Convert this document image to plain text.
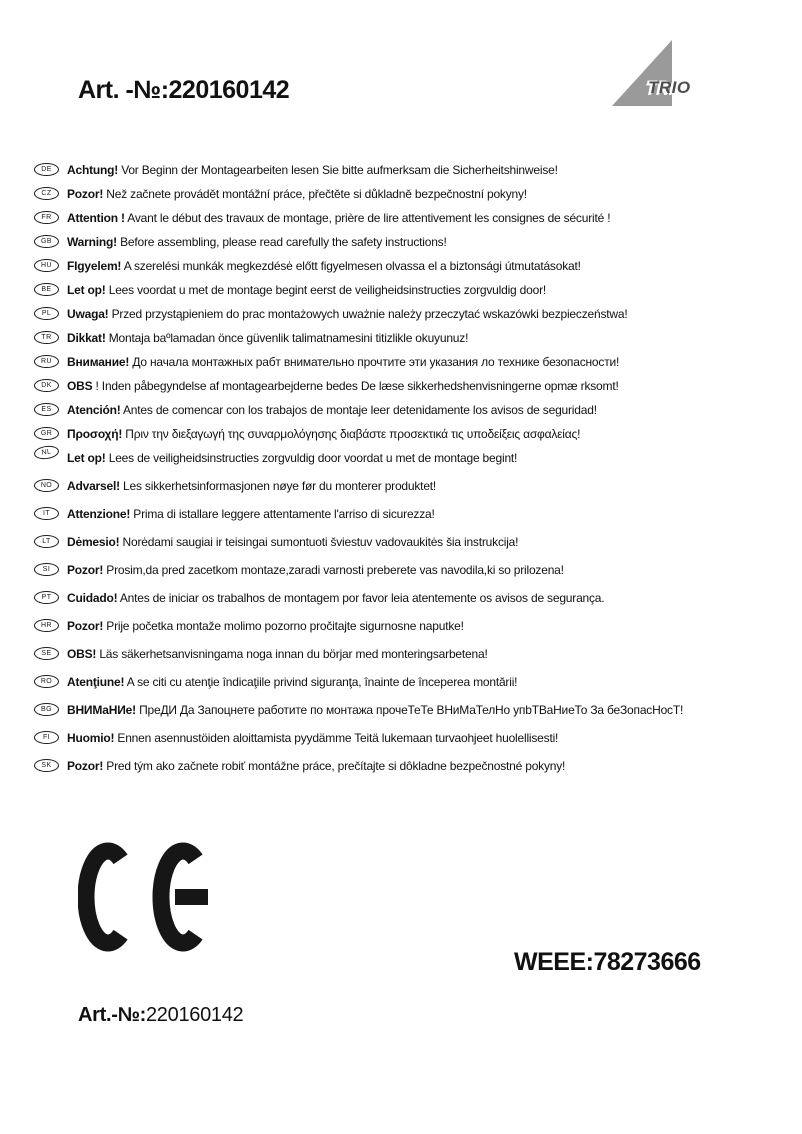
Art. -№:220160142	TRIO
DE	Achtung! Vor Beginn der Montagearbeiten lesen Sie bitte aufmerksam die Sicherheitshinweise!
CZ	Pozor! Než začnete provádět montážní práce, přečtěte si důkladně bezpečnostní pokyny!
FR	Attention ! Avant le début des travaux de montage, prière de lire attentivement les consignes de sécurité !
GB	Warning! Before assembling, please read carefully the safety instructions!
HU	FIgyelem! A szerelési munkák megkezdésė előtt figyelmesen olvassa el a biztonsági útmutatásokat!
BE	Let op! Lees voordat u met de montage begint eerst de veiligheidsinstructies zorgvuldig door!
PL	Uwaga! Przed przystąpieniem do prac montażowych uważnie należy przeczytać wskazówki bezpieczeństwa!
TR	Dikkat! Montaja baºlamadan önce güvenlik talimatnamesini titizlikle okuyunuz!
RU	Внимание! До начала монтажных рабт внимательно прочтите эти указания ло технике безопасности!
DK	OBS ! Inden påbegyndelse af montagearbejderne bedes De læse sikkerhedshenvisningerne opmæ rksomt!
ES	Atención! Antes de comencar con los trabajos de montaje leer detenidamente los avisos de seguridad!
GR	Προσοχή! Πριν την διεξαγωγή της συναρμολόγησης διαβάστε προσεκτικά τις υποδείξεις ασφαλείας!
NL	Let op! Lees de veiligheidsinstructies zorgvuldig door voordat u met de montage begint!
NO	Advarsel! Les sikkerhetsinformasjonen nøye før du monterer produktet!
IT	Attenzione! Prima di istallare leggere attentamente l'arriso di sicurezza!
LT	Dėmesio! Norėdami saugiai ir teisingai sumontuoti šviestuv vadovaukitės šia instrukcija!
SI	Pozor! Prosim,da pred zacetkom montaze,zaradi varnosti preberete vas navodila,ki so prilozena!
PT	Cuidado! Antes de iniciar os trabalhos de montagem por favor leia atentemente os avisos de segurança.
HR	Pozor! Prije početka montaže molimo pozorno pročitajte sigurnosne naputke!
SE	OBS! Läs säkerhetsanvisningama noga innan du börjar med monteringsarbetena!
RO	Atenţiune! A se citi cu atenţie îndicaţiile privind siguranţa, înainte de începerea montării!
BG	ВНИМаНИе! ПреДИ Да Запоцнете работите по монтажа прочеТеТе ВНиМаТелНо упbТВаНиеТо За беЗопасНосТ!
FI	Huomio! Ennen asennustöiden aloittamista pyydämme Teitä lukemaan turvaohjeet huolellisesti!
SK	Pozor! Pred tým ako začnete robiť montážne práce, prečítajte si dôkladne bezpečnostné pokyny!
WEEE:78273666
Art.-№:220160142
